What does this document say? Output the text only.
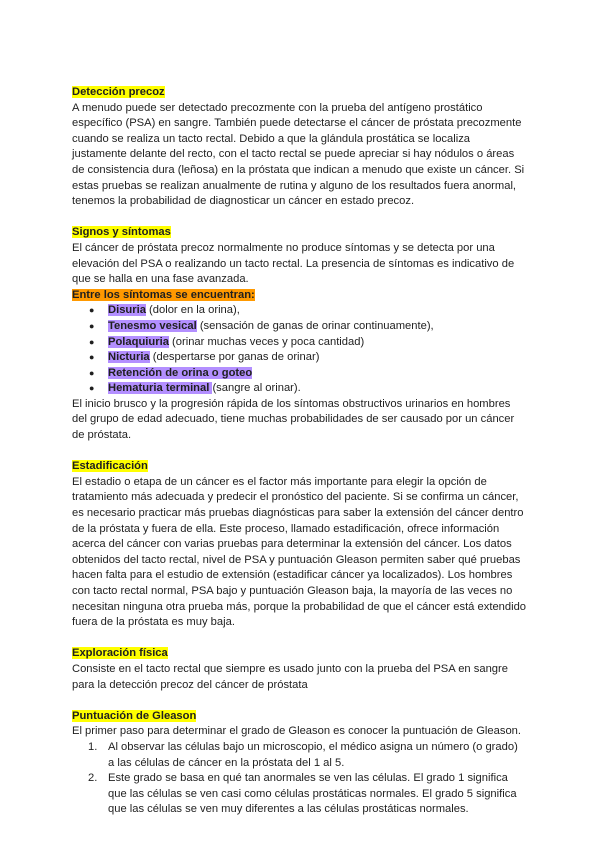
Detección precoz

A menudo puede ser detectado precozmente con la prueba del antígeno prostático específico (PSA) en sangre. También puede detectarse el cáncer de próstata precozmente cuando se realiza un tacto rectal. Debido a que la glándula prostática se localiza justamente delante del recto, con el tacto rectal se puede apreciar si hay nódulos o áreas de consistencia dura (leñosa) en la próstata que indican a menudo que existe un cáncer. Si estas pruebas se realizan anualmente de rutina y alguno de los resultados fuera anormal, tenemos la probabilidad de diagnosticar un cáncer en estado precoz.

Signos y síntomas

El cáncer de próstata precoz normalmente no produce síntomas y se detecta por una elevación del PSA o realizando un tacto rectal. La presencia de síntomas es indicativo de que se halla en una fase avanzada.

Entre los síntomas se encuentran:
● Disuria (dolor en la orina),
● Tenesmo vesical (sensación de ganas de orinar continuamente),
● Polaquiuria (orinar muchas veces y poca cantidad)
● Nicturia (despertarse por ganas de orinar)
● Retención de orina o goteo
● Hematuria terminal (sangre al orinar).

El inicio brusco y la progresión rápida de los síntomas obstructivos urinarios en hombres del grupo de edad adecuado, tiene muchas probabilidades de ser causado por un cáncer de próstata.

Estadificación

El estadio o etapa de un cáncer es el factor más importante para elegir la opción de tratamiento más adecuada y predecir el pronóstico del paciente. Si se confirma un cáncer, es necesario practicar más pruebas diagnósticas para saber la extensión del cáncer dentro de la próstata y fuera de ella. Este proceso, llamado estadificación, ofrece información acerca del cáncer con varias pruebas para determinar la extensión del cáncer. Los datos obtenidos del tacto rectal, nivel de PSA y puntuación Gleason permiten saber qué pruebas hacen falta para el estudio de extensión (estadificar cáncer ya localizados). Los hombres con tacto rectal normal, PSA bajo y puntuación Gleason baja, la mayoría de las veces no necesitan ninguna otra prueba más, porque la probabilidad de que el cáncer está extendido fuera de la próstata es muy baja.

Exploración física

Consiste en el tacto rectal que siempre es usado junto con la prueba del PSA en sangre para la detección precoz del cáncer de próstata

Puntuación de Gleason

El primer paso para determinar el grado de Gleason es conocer la puntuación de Gleason.

1. Al observar las células bajo un microscopio, el médico asigna un número (o grado) a las células de cáncer en la próstata del 1 al 5.
2. Este grado se basa en qué tan anormales se ven las células. El grado 1 significa que las células se ven casi como células prostáticas normales. El grado 5 significa que las células se ven muy diferentes a las células prostáticas normales.
